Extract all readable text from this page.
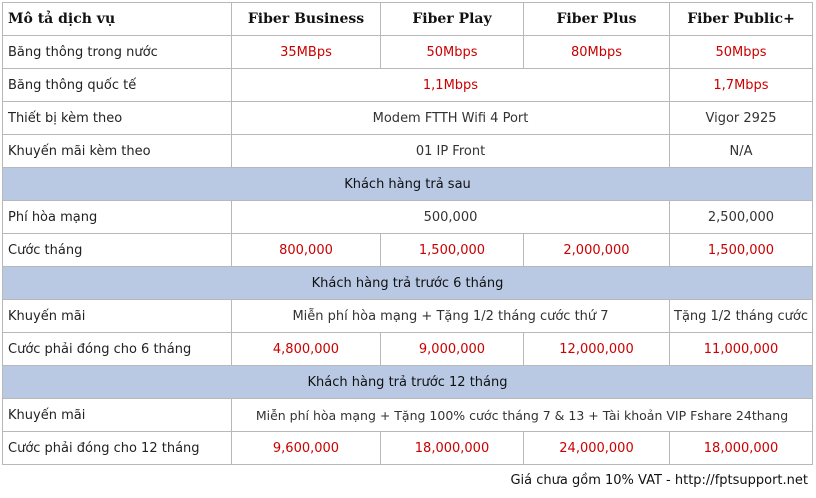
Mô tả dịch vụ	Fiber Business	Fiber Play	Fiber Plus	Fiber Public+
Băng thông trong nước	35MBps	50Mbps	80Mbps	50Mbps
Băng thông quốc tế	1,1Mbps			1,7Mbps
Thiết bị kèm theo	Modem FTTH Wifi 4 Port			Vigor 2925
Khuyến mãi kèm theo	01 IP Front			N/A
Khách hàng trả sau				
Phí hòa mạng	500,000			2,500,000
Cước tháng	800,000	1,500,000	2,000,000	1,500,000
Khách hàng trả trước 6 tháng				
Khuyến mãi	Miễn phí hòa mạng + Tặng 1/2 tháng cước thứ 7			Tặng 1/2 tháng cước
Cước phải đóng cho 6 tháng	4,800,000	9,000,000	12,000,000	11,000,000
Khách hàng trả trước 12 tháng				
Khuyến mãi	Miễn phí hòa mạng + Tặng 100% cước tháng 7 & 13 + Tài khoản VIP Fshare 24thang			
Cước phải đóng cho 12 tháng	9,600,000	18,000,000	24,000,000	18,000,000
Giá chưa gồm 10% VAT - http://fptsupport.net
